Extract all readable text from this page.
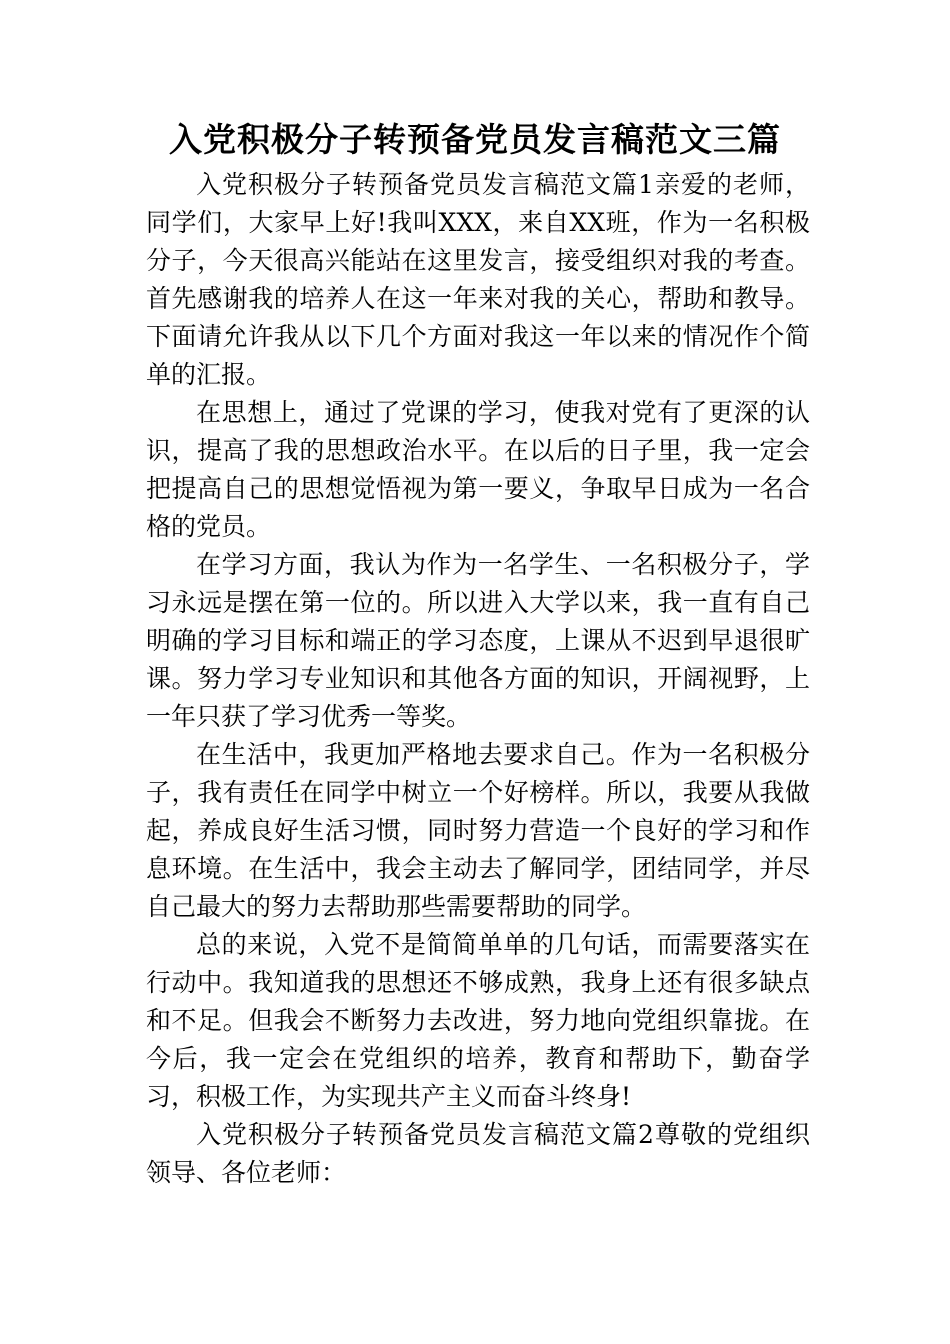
入党积极分子转预备党员发言稿范文三篇

入党积极分子转预备党员发言稿范文篇1亲爱的老师，同学们，大家早上好!我叫XXX，来自XX班，作为一名积极分子，今天很高兴能站在这里发言，接受组织对我的考查。首先感谢我的培养人在这一年来对我的关心，帮助和教导。下面请允许我从以下几个方面对我这一年以来的情况作个简单的汇报。

在思想上，通过了党课的学习，使我对党有了更深的认识，提高了我的思想政治水平。在以后的日子里，我一定会把提高自己的思想觉悟视为第一要义，争取早日成为一名合格的党员。

在学习方面，我认为作为一名学生、一名积极分子，学习永远是摆在第一位的。所以进入大学以来，我一直有自己明确的学习目标和端正的学习态度，上课从不迟到早退很旷课。努力学习专业知识和其他各方面的知识，开阔视野，上一年只获了学习优秀一等奖。

在生活中，我更加严格地去要求自己。作为一名积极分子，我有责任在同学中树立一个好榜样。所以，我要从我做起，养成良好生活习惯，同时努力营造一个良好的学习和作息环境。在生活中，我会主动去了解同学，团结同学，并尽自己最大的努力去帮助那些需要帮助的同学。

总的来说，入党不是简简单单的几句话，而需要落实在行动中。我知道我的思想还不够成熟，我身上还有很多缺点和不足。但我会不断努力去改进，努力地向党组织靠拢。在今后，我一定会在党组织的培养，教育和帮助下，勤奋学习，积极工作，为实现共产主义而奋斗终身!

入党积极分子转预备党员发言稿范文篇2尊敬的党组织领导、各位老师：
